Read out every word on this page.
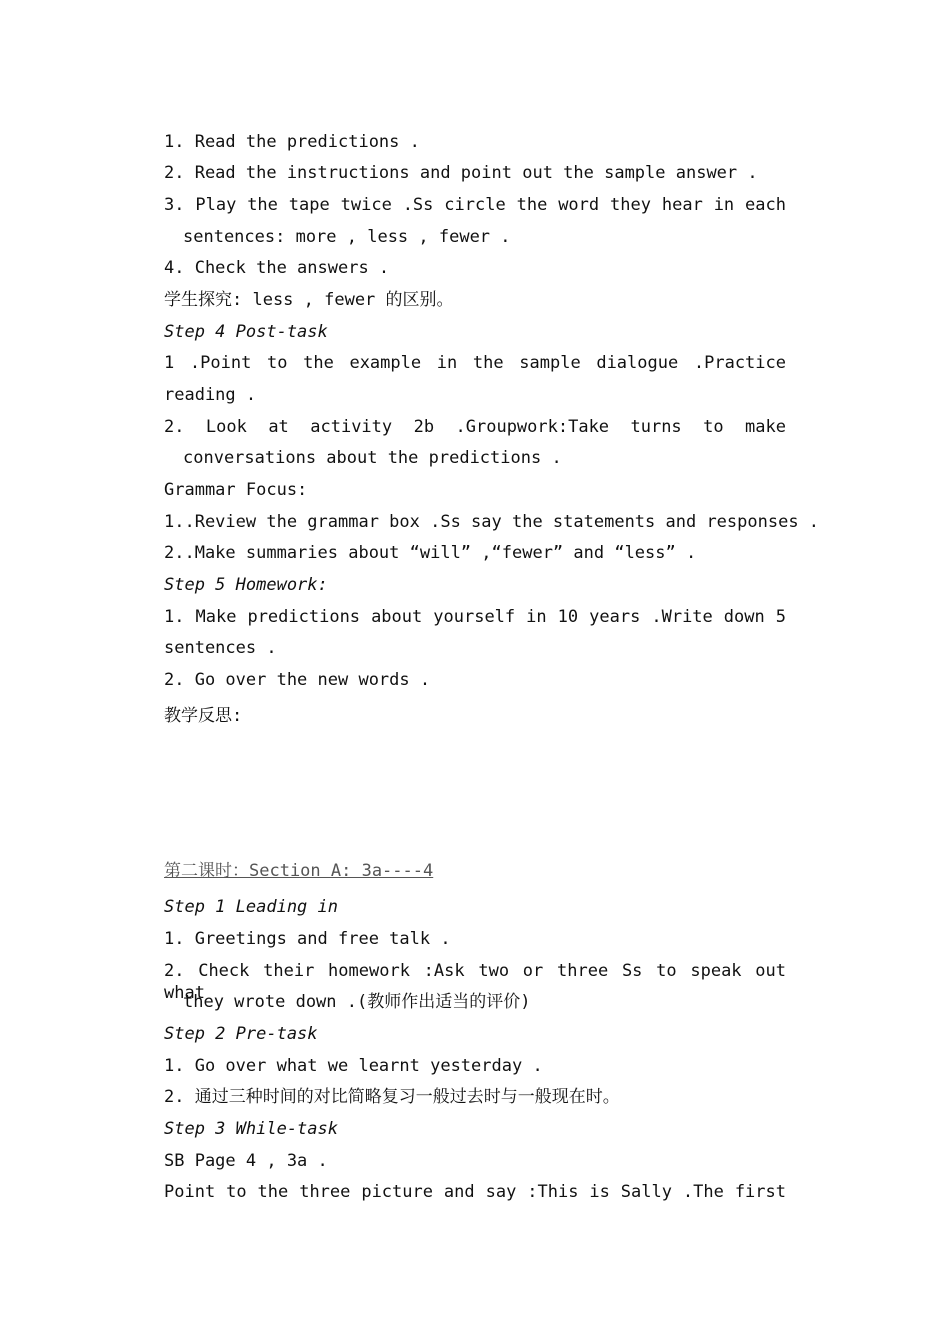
1. Read the predictions .
2. Read the instructions and point out the sample answer .
3. Play the tape twice .Ss circle the word they hear in each
sentences: more , less , fewer .
4. Check the answers .
学生探究: less , fewer 的区别。
Step 4 Post-task
1 .Point to the example in the sample dialogue .Practice
reading .
2. Look at activity 2b .Groupwork:Take turns to make
conversations about the predictions .
Grammar Focus:
1..Review the grammar box .Ss say the statements and responses .
2..Make summaries about “will” ,“fewer” and “less” .
Step 5 Homework:
1. Make predictions about yourself in 10 years .Write down 5
sentences .
2. Go over the new words .
教学反思:
第二课时：Section A: 3a----4
Step 1 Leading in
1. Greetings and free talk .
2. Check their homework :Ask two or three Ss to speak out what
they wrote down .(教师作出适当的评价)
Step 2 Pre-task
1. Go over what we learnt yesterday .
2. 通过三种时间的对比简略复习一般过去时与一般现在时。
Step 3 While-task
SB Page 4 , 3a .
Point to the three picture and say :This is Sally .The first
